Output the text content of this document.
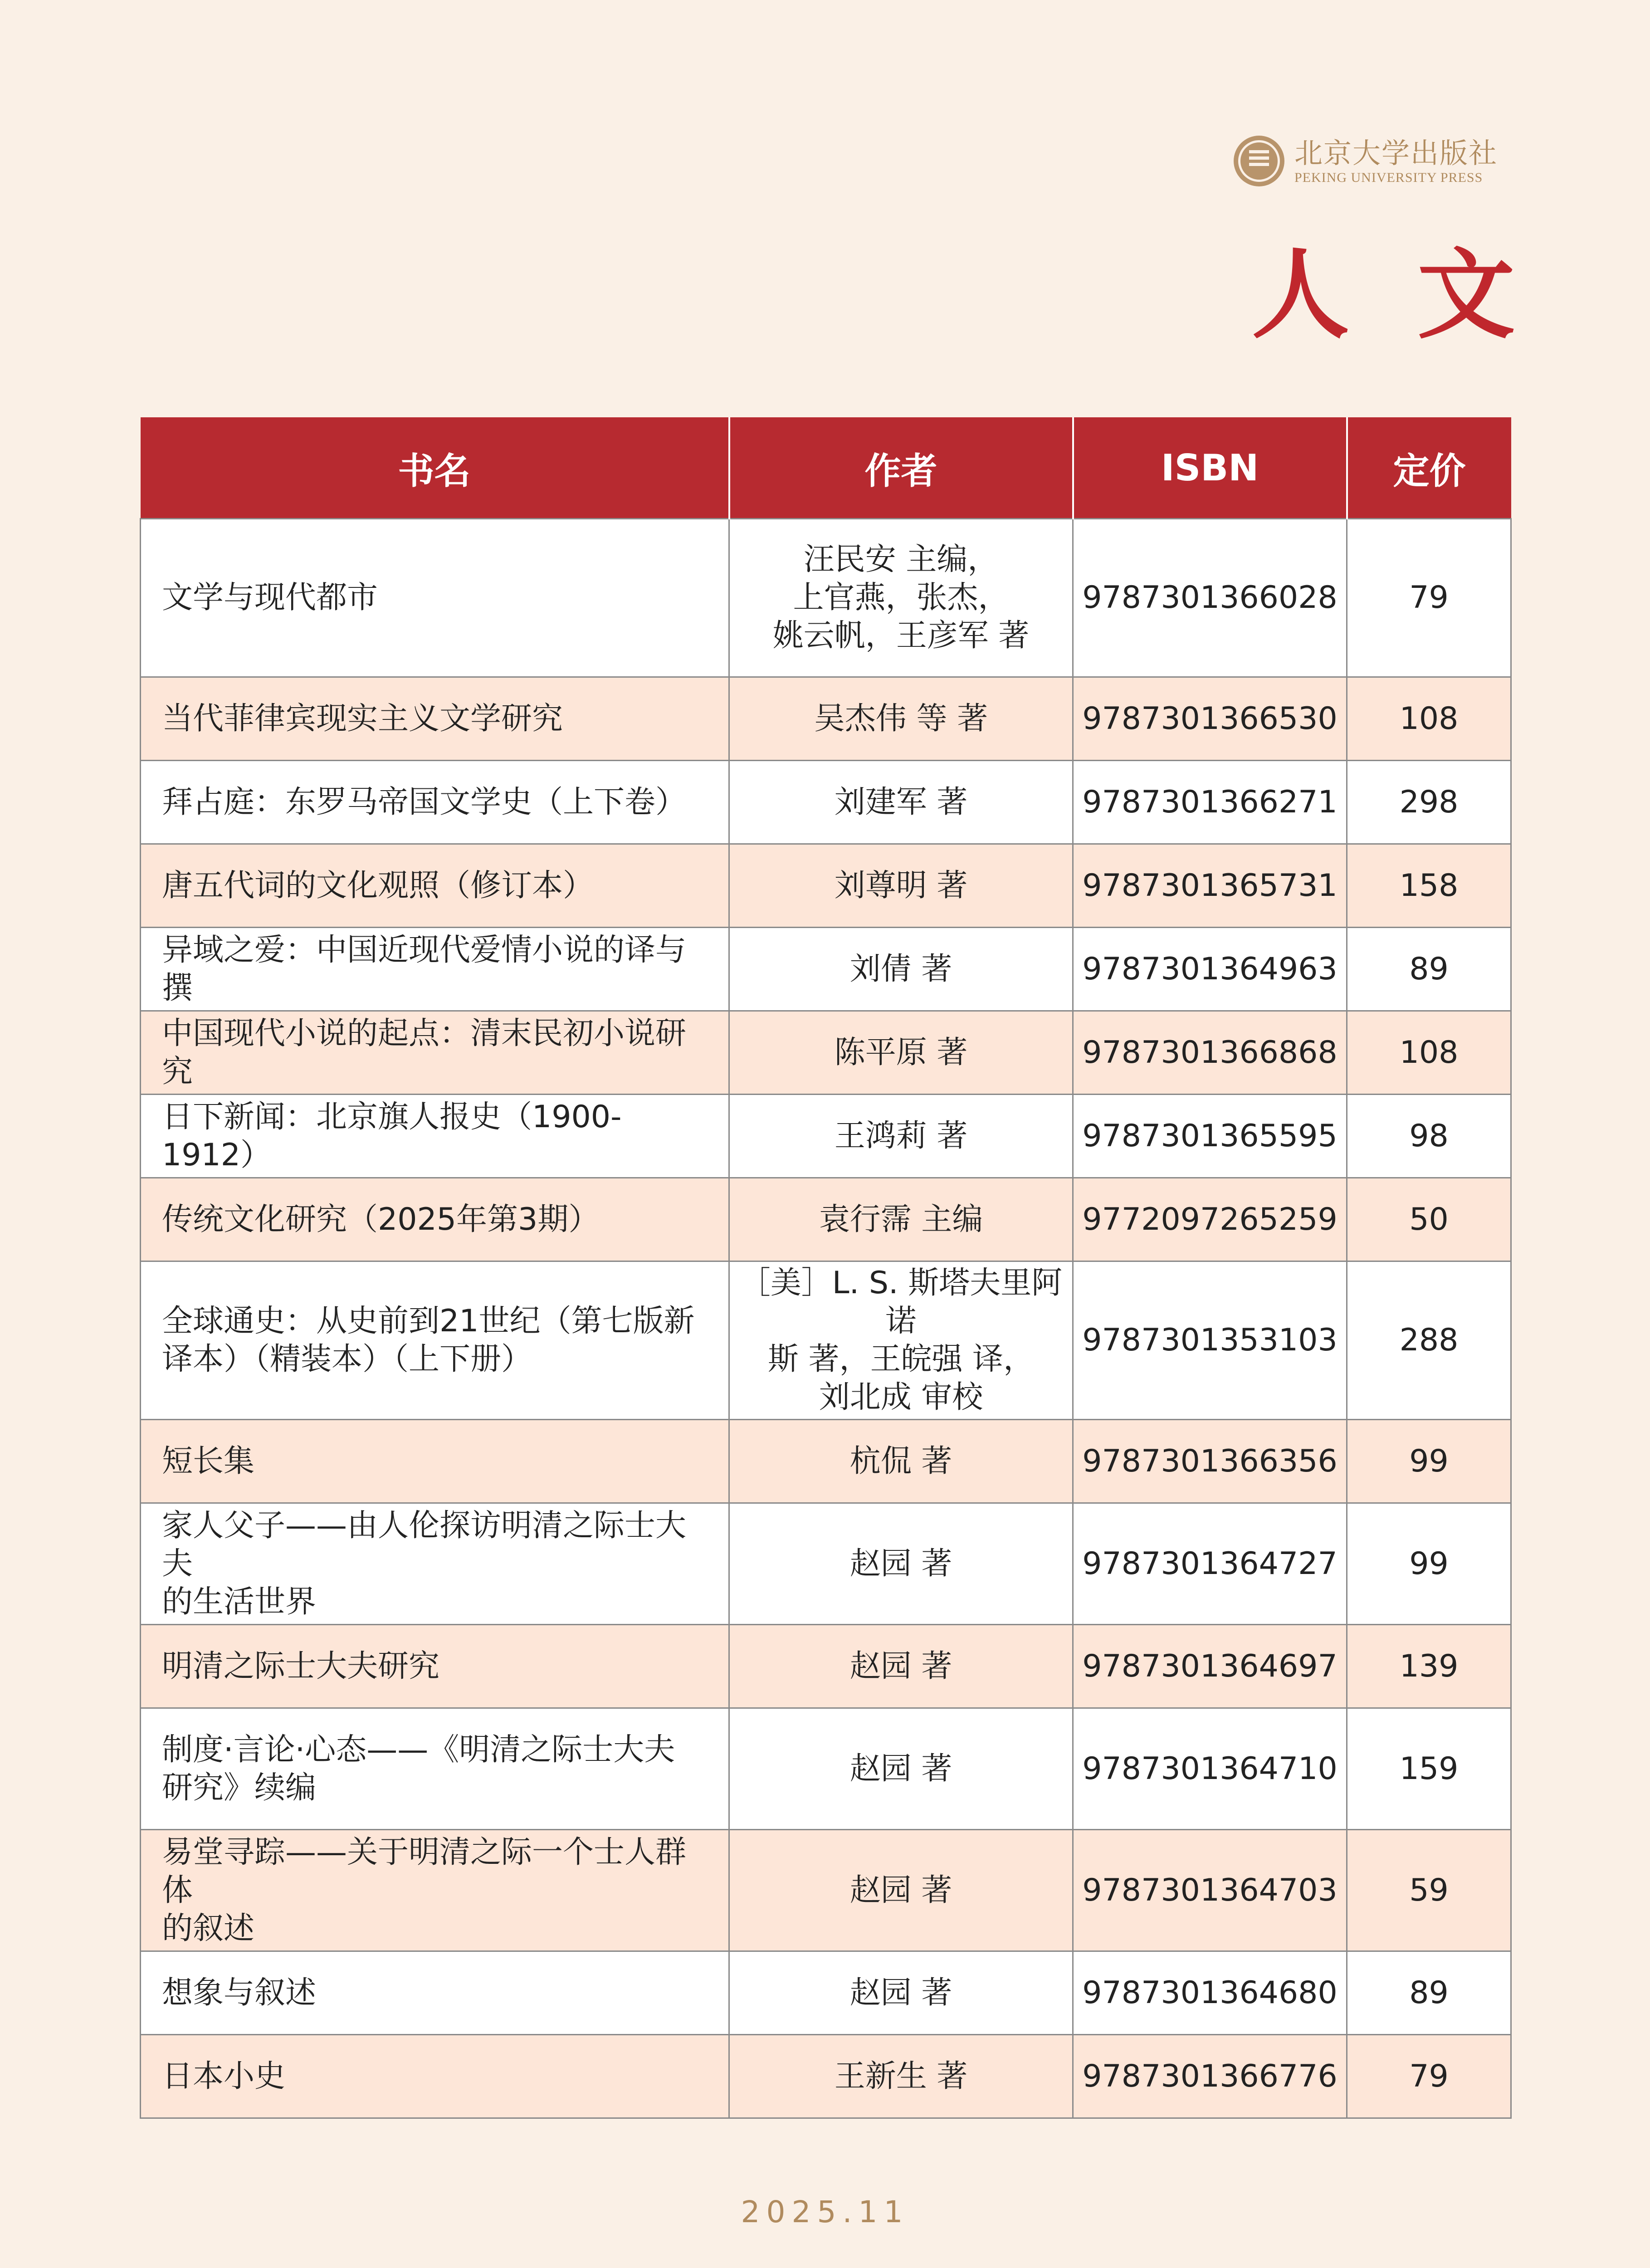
北京大学出版社
PEKING UNIVERSITY PRESS
人文
书名	作者	ISBN	定价
文学与现代都市	汪民安 主编，
上官燕，张杰，
姚云帆，王彦军 著	9787301366028	79
当代菲律宾现实主义文学研究	吴杰伟 等 著	9787301366530	108
拜占庭：东罗马帝国文学史（上下卷）	刘建军 著	9787301366271	298
唐五代词的文化观照（修订本）	刘尊明 著	9787301365731	158
异域之爱：中国近现代爱情小说的译与撰	刘倩 著	9787301364963	89
中国现代小说的起点：清末民初小说研究	陈平原 著	9787301366868	108
日下新闻：北京旗人报史（1900-1912）	王鸿莉 著	9787301365595	98
传统文化研究（2025年第3期）	袁行霈 主编	9772097265259	50
全球通史：从史前到21世纪（第七版新
译本）（精装本）（上下册）	［美］L. S. 斯塔夫里阿诺
斯 著，王皖强 译，
刘北成 审校	9787301353103	288
短长集	杭侃 著	9787301366356	99
家人父子——由人伦探访明清之际士大夫
的生活世界	赵园 著	9787301364727	99
明清之际士大夫研究	赵园 著	9787301364697	139
制度·言论·心态——《明清之际士大夫
研究》续编	赵园 著	9787301364710	159
易堂寻踪——关于明清之际一个士人群体
的叙述	赵园 著	9787301364703	59
想象与叙述	赵园 著	9787301364680	89
日本小史	王新生 著	9787301366776	79
2025.11
